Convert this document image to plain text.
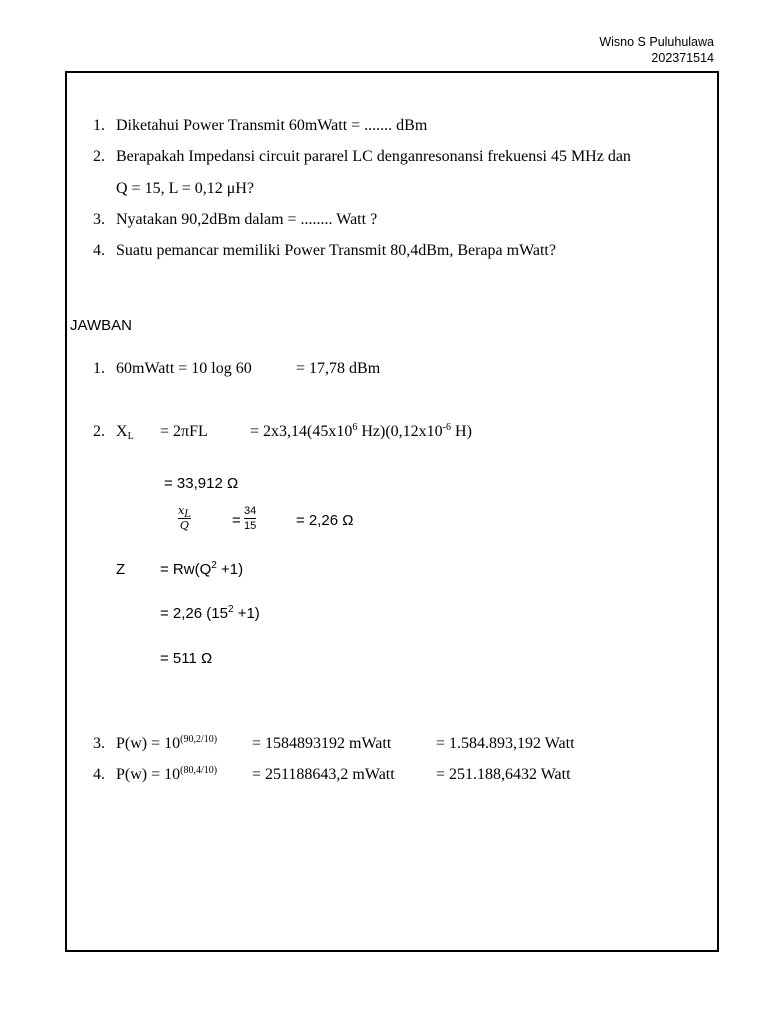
Wisno S Puluhulawa
202371514
1. Diketahui Power Transmit 60mWatt = ....... dBm
2. Berapakah Impedansi circuit pararel LC denganresonansi frekuensi 45 MHz dan
Q = 15, L = 0,12 μH?
3. Nyatakan 90,2dBm dalam = ........ Watt ?
4. Suatu pemancar memiliki Power Transmit 80,4dBm, Berapa mWatt?
JAWBAN
1. 60mWatt = 10 log 60	= 17,78 dBm
2. $X_L = 2\pi FL$	= $2x3,14(45x10^6$ $Hz)(0,12x10^{-6}$ H)
= 33,912 Ω
$x_L$
Q	=
34
15	= 2,26 Ω
$Z = Rw(Q^2 +1)$
= 2,26 $(15^2 +1)$
= 511 Ω
3. $P(w) = 10^{(90,2/10)} = 1584893192$ mWatt	= 1.584.893,192 Watt
4. $P(w) = 10^{(80,4/10)} = 251188643,2$ mWatt	= 251.188,6432 Watt
